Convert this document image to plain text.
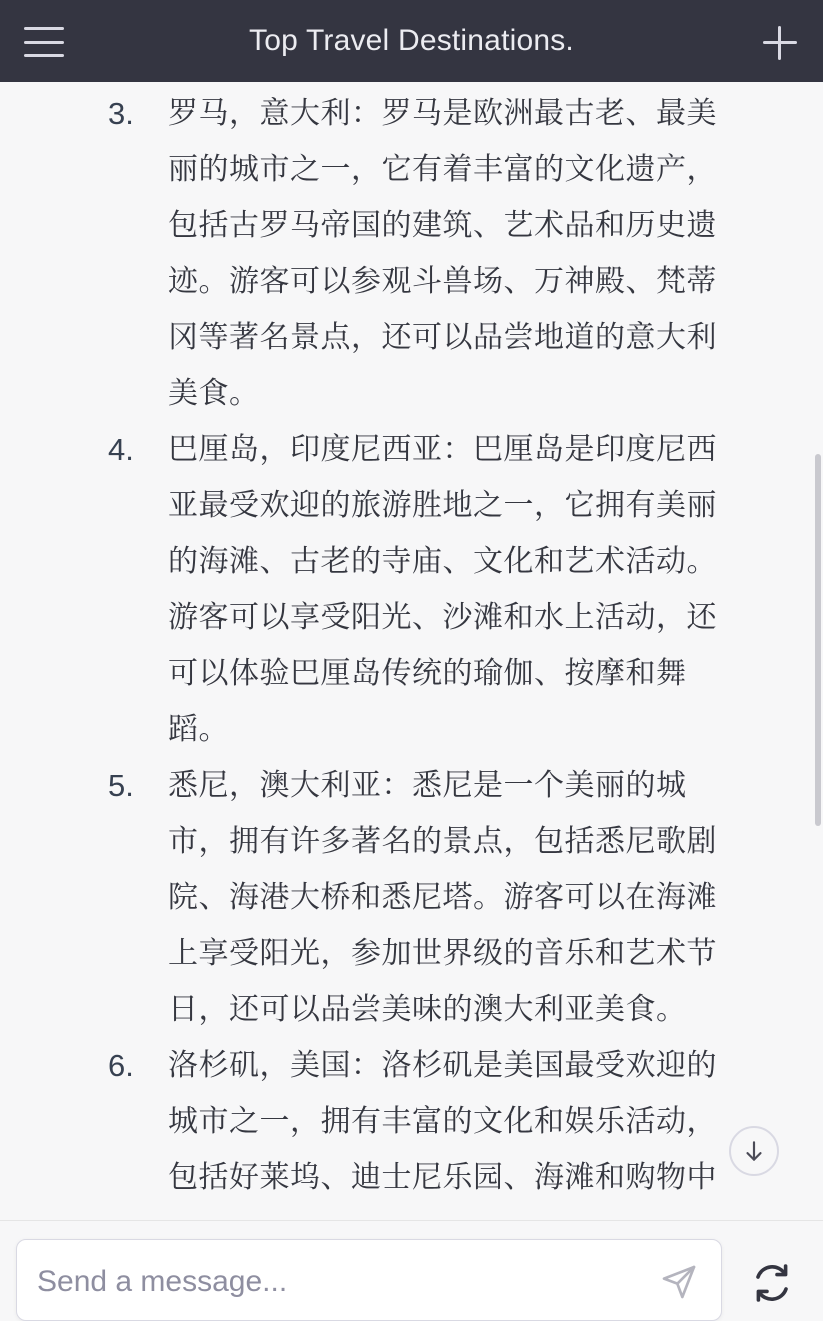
Top Travel Destinations.
3. 罗马，意大利：罗马是欧洲最古老、最美
丽的城市之一，它有着丰富的文化遗产，
包括古罗马帝国的建筑、艺术品和历史遗
迹。游客可以参观斗兽场、万神殿、梵蒂
冈等著名景点，还可以品尝地道的意大利
美食。
4. 巴厘岛，印度尼西亚：巴厘岛是印度尼西
亚最受欢迎的旅游胜地之一，它拥有美丽
的海滩、古老的寺庙、文化和艺术活动。
游客可以享受阳光、沙滩和水上活动，还
可以体验巴厘岛传统的瑜伽、按摩和舞
蹈。
5. 悉尼，澳大利亚：悉尼是一个美丽的城
市，拥有许多著名的景点，包括悉尼歌剧
院、海港大桥和悉尼塔。游客可以在海滩
上享受阳光，参加世界级的音乐和艺术节
日，还可以品尝美味的澳大利亚美食。
6. 洛杉矶，美国：洛杉矶是美国最受欢迎的
城市之一，拥有丰富的文化和娱乐活动，
包括好莱坞、迪士尼乐园、海滩和购物中
Send a message...
